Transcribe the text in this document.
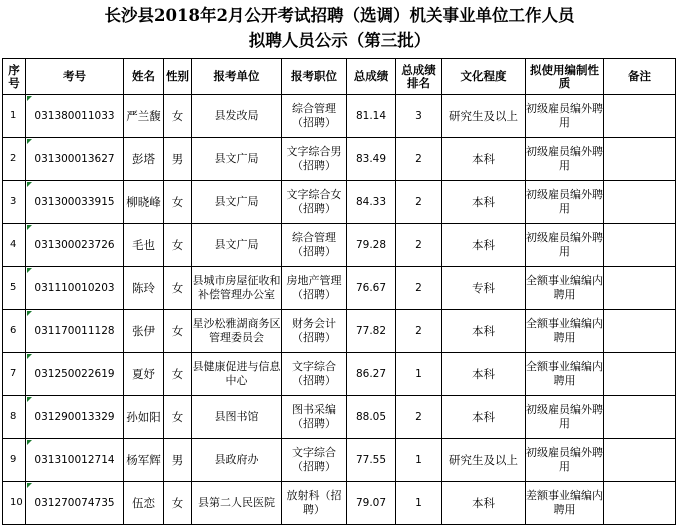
长沙县2018年2月公开考试招聘（选调）机关事业单位工作人员
拟聘人员公示（第三批）
序号	考号	姓名	性别	报考单位	报考职位	总成绩	总成绩排名	文化程度	拟使用编制性质	备注
1	031380011033	严兰馥	女	县发改局	综合管理（招聘）	81.14	3	研究生及以上	初级雇员编外聘用	
2	031300013627	彭塔	男	县文广局	文字综合男（招聘）	83.49	2	本科	初级雇员编外聘用	
3	031300033915	柳晓峰	女	县文广局	文字综合女（招聘）	84.33	2	本科	初级雇员编外聘用	
4	031300023726	毛也	女	县文广局	综合管理（招聘）	79.28	2	本科	初级雇员编外聘用	
5	031110010203	陈玲	女	县城市房屋征收和补偿管理办公室	房地产管理（招聘）	76.67	2	专科	全额事业编编内聘用	
6	031170011128	张伊	女	星沙松雅湖商务区管理委员会	财务会计（招聘）	77.82	2	本科	全额事业编编内聘用	
7	031250022619	夏妤	女	县健康促进与信息中心	文字综合（招聘）	86.27	1	本科	全额事业编编内聘用	
8	031290013329	孙如阳	女	县图书馆	图书采编（招聘）	88.05	2	本科	初级雇员编外聘用	
9	031310012714	杨军辉	男	县政府办	文字综合（招聘）	77.55	1	研究生及以上	初级雇员编外聘用	
10	031270074735	伍恋	女	县第二人民医院	放射科（招聘）	79.07	1	本科	差额事业编编内聘用	
